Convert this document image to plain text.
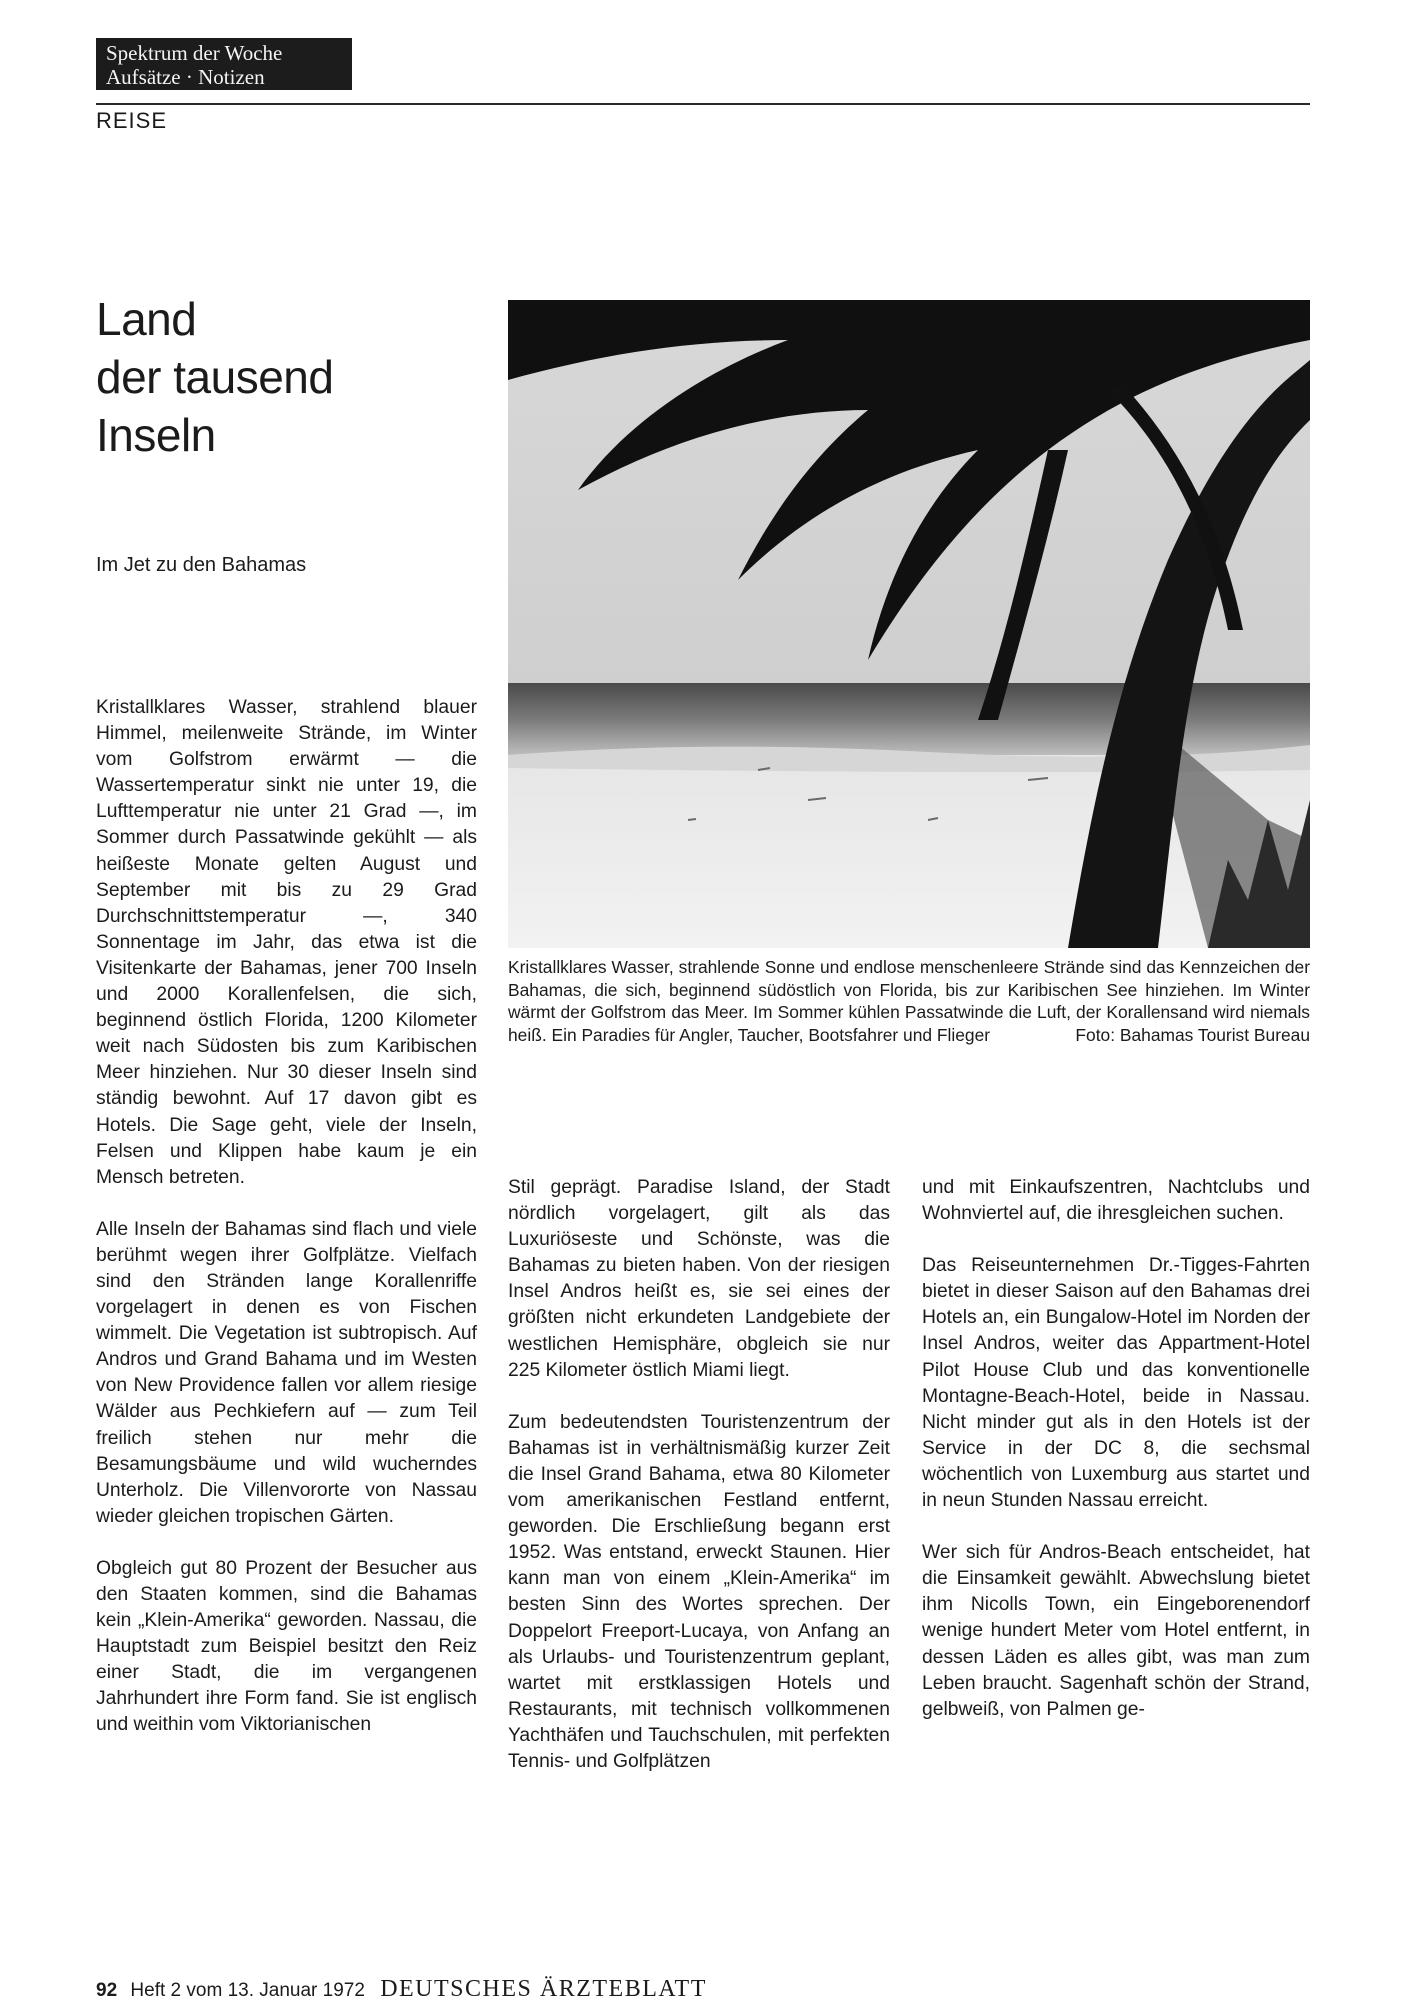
Spektrum der Woche
Aufsätze · Notizen
REISE
Land
der tausend
Inseln
Im Jet zu den Bahamas
Kristallklares Wasser, strahlende Sonne und endlose menschenleere Strände sind das Kennzeichen der Bahamas, die sich, beginnend südöstlich von Florida, bis zur Karibischen See hinziehen. Im Winter wärmt der Golfstrom das Meer. Im Sommer kühlen Passatwinde die Luft, der Korallensand wird niemals heiß. Ein Paradies für Angler, Taucher, Bootsfahrer und Flieger	Foto: Bahamas Tourist Bureau

Kristallklares Wasser, strahlend blauer Himmel, meilenweite Strände, im Winter vom Golfstrom erwärmt — die Wassertemperatur sinkt nie unter 19, die Lufttemperatur nie unter 21 Grad —, im Sommer durch Passatwinde gekühlt — als heißeste Monate gelten August und September mit bis zu 29 Grad Durchschnittstemperatur —, 340 Sonnentage im Jahr, das etwa ist die Visitenkarte der Bahamas, jener 700 Inseln und 2000 Korallenfelsen, die sich, beginnend östlich Florida, 1200 Kilometer weit nach Südosten bis zum Karibischen Meer hinziehen. Nur 30 dieser Inseln sind ständig bewohnt. Auf 17 davon gibt es Hotels. Die Sage geht, viele der Inseln, Felsen und Klippen habe kaum je ein Mensch betreten.

Alle Inseln der Bahamas sind flach und viele berühmt wegen ihrer Golfplätze. Vielfach sind den Stränden lange Korallenriffe vorgelagert in denen es von Fischen wimmelt. Die Vegetation ist subtropisch. Auf Andros und Grand Bahama und im Westen von New Providence fallen vor allem riesige Wälder aus Pechkiefern auf — zum Teil freilich stehen nur mehr die Besamungsbäume und wild wucherndes Unterholz. Die Villenvororte von Nassau wieder gleichen tropischen Gärten.

Obgleich gut 80 Prozent der Besucher aus den Staaten kommen, sind die Bahamas kein „Klein-Amerika“ geworden. Nassau, die Hauptstadt zum Beispiel besitzt den Reiz einer Stadt, die im vergangenen Jahrhundert ihre Form fand. Sie ist englisch und weithin vom Viktorianischen

Stil geprägt. Paradise Island, der Stadt nördlich vorgelagert, gilt als das Luxuriöseste und Schönste, was die Bahamas zu bieten haben. Von der riesigen Insel Andros heißt es, sie sei eines der größten nicht erkundeten Landgebiete der westlichen Hemisphäre, obgleich sie nur 225 Kilometer östlich Miami liegt.

Zum bedeutendsten Touristenzentrum der Bahamas ist in verhältnismäßig kurzer Zeit die Insel Grand Bahama, etwa 80 Kilometer vom amerikanischen Festland entfernt, geworden. Die Erschließung begann erst 1952. Was entstand, erweckt Staunen. Hier kann man von einem „Klein-Amerika“ im besten Sinn des Wortes sprechen. Der Doppelort Freeport-Lucaya, von Anfang an als Urlaubs- und Touristenzentrum geplant, wartet mit erstklassigen Hotels und Restaurants, mit technisch vollkommenen Yachthäfen und Tauchschulen, mit perfekten Tennis- und Golfplätzen

und mit Einkaufszentren, Nachtclubs und Wohnviertel auf, die ihresgleichen suchen.

Das Reiseunternehmen Dr.-Tigges-Fahrten bietet in dieser Saison auf den Bahamas drei Hotels an, ein Bungalow-Hotel im Norden der Insel Andros, weiter das Appartment-Hotel Pilot House Club und das konventionelle Montagne-Beach-Hotel, beide in Nassau. Nicht minder gut als in den Hotels ist der Service in der DC 8, die sechsmal wöchentlich von Luxemburg aus startet und in neun Stunden Nassau erreicht.

Wer sich für Andros-Beach entscheidet, hat die Einsamkeit gewählt. Abwechslung bietet ihm Nicolls Town, ein Eingeborenendorf wenige hundert Meter vom Hotel entfernt, in dessen Läden es alles gibt, was man zum Leben braucht. Sagenhaft schön der Strand, gelbweiß, von Palmen ge-

92 Heft 2 vom 13. Januar 1972 DEUTSCHES ÄRZTEBLATT
